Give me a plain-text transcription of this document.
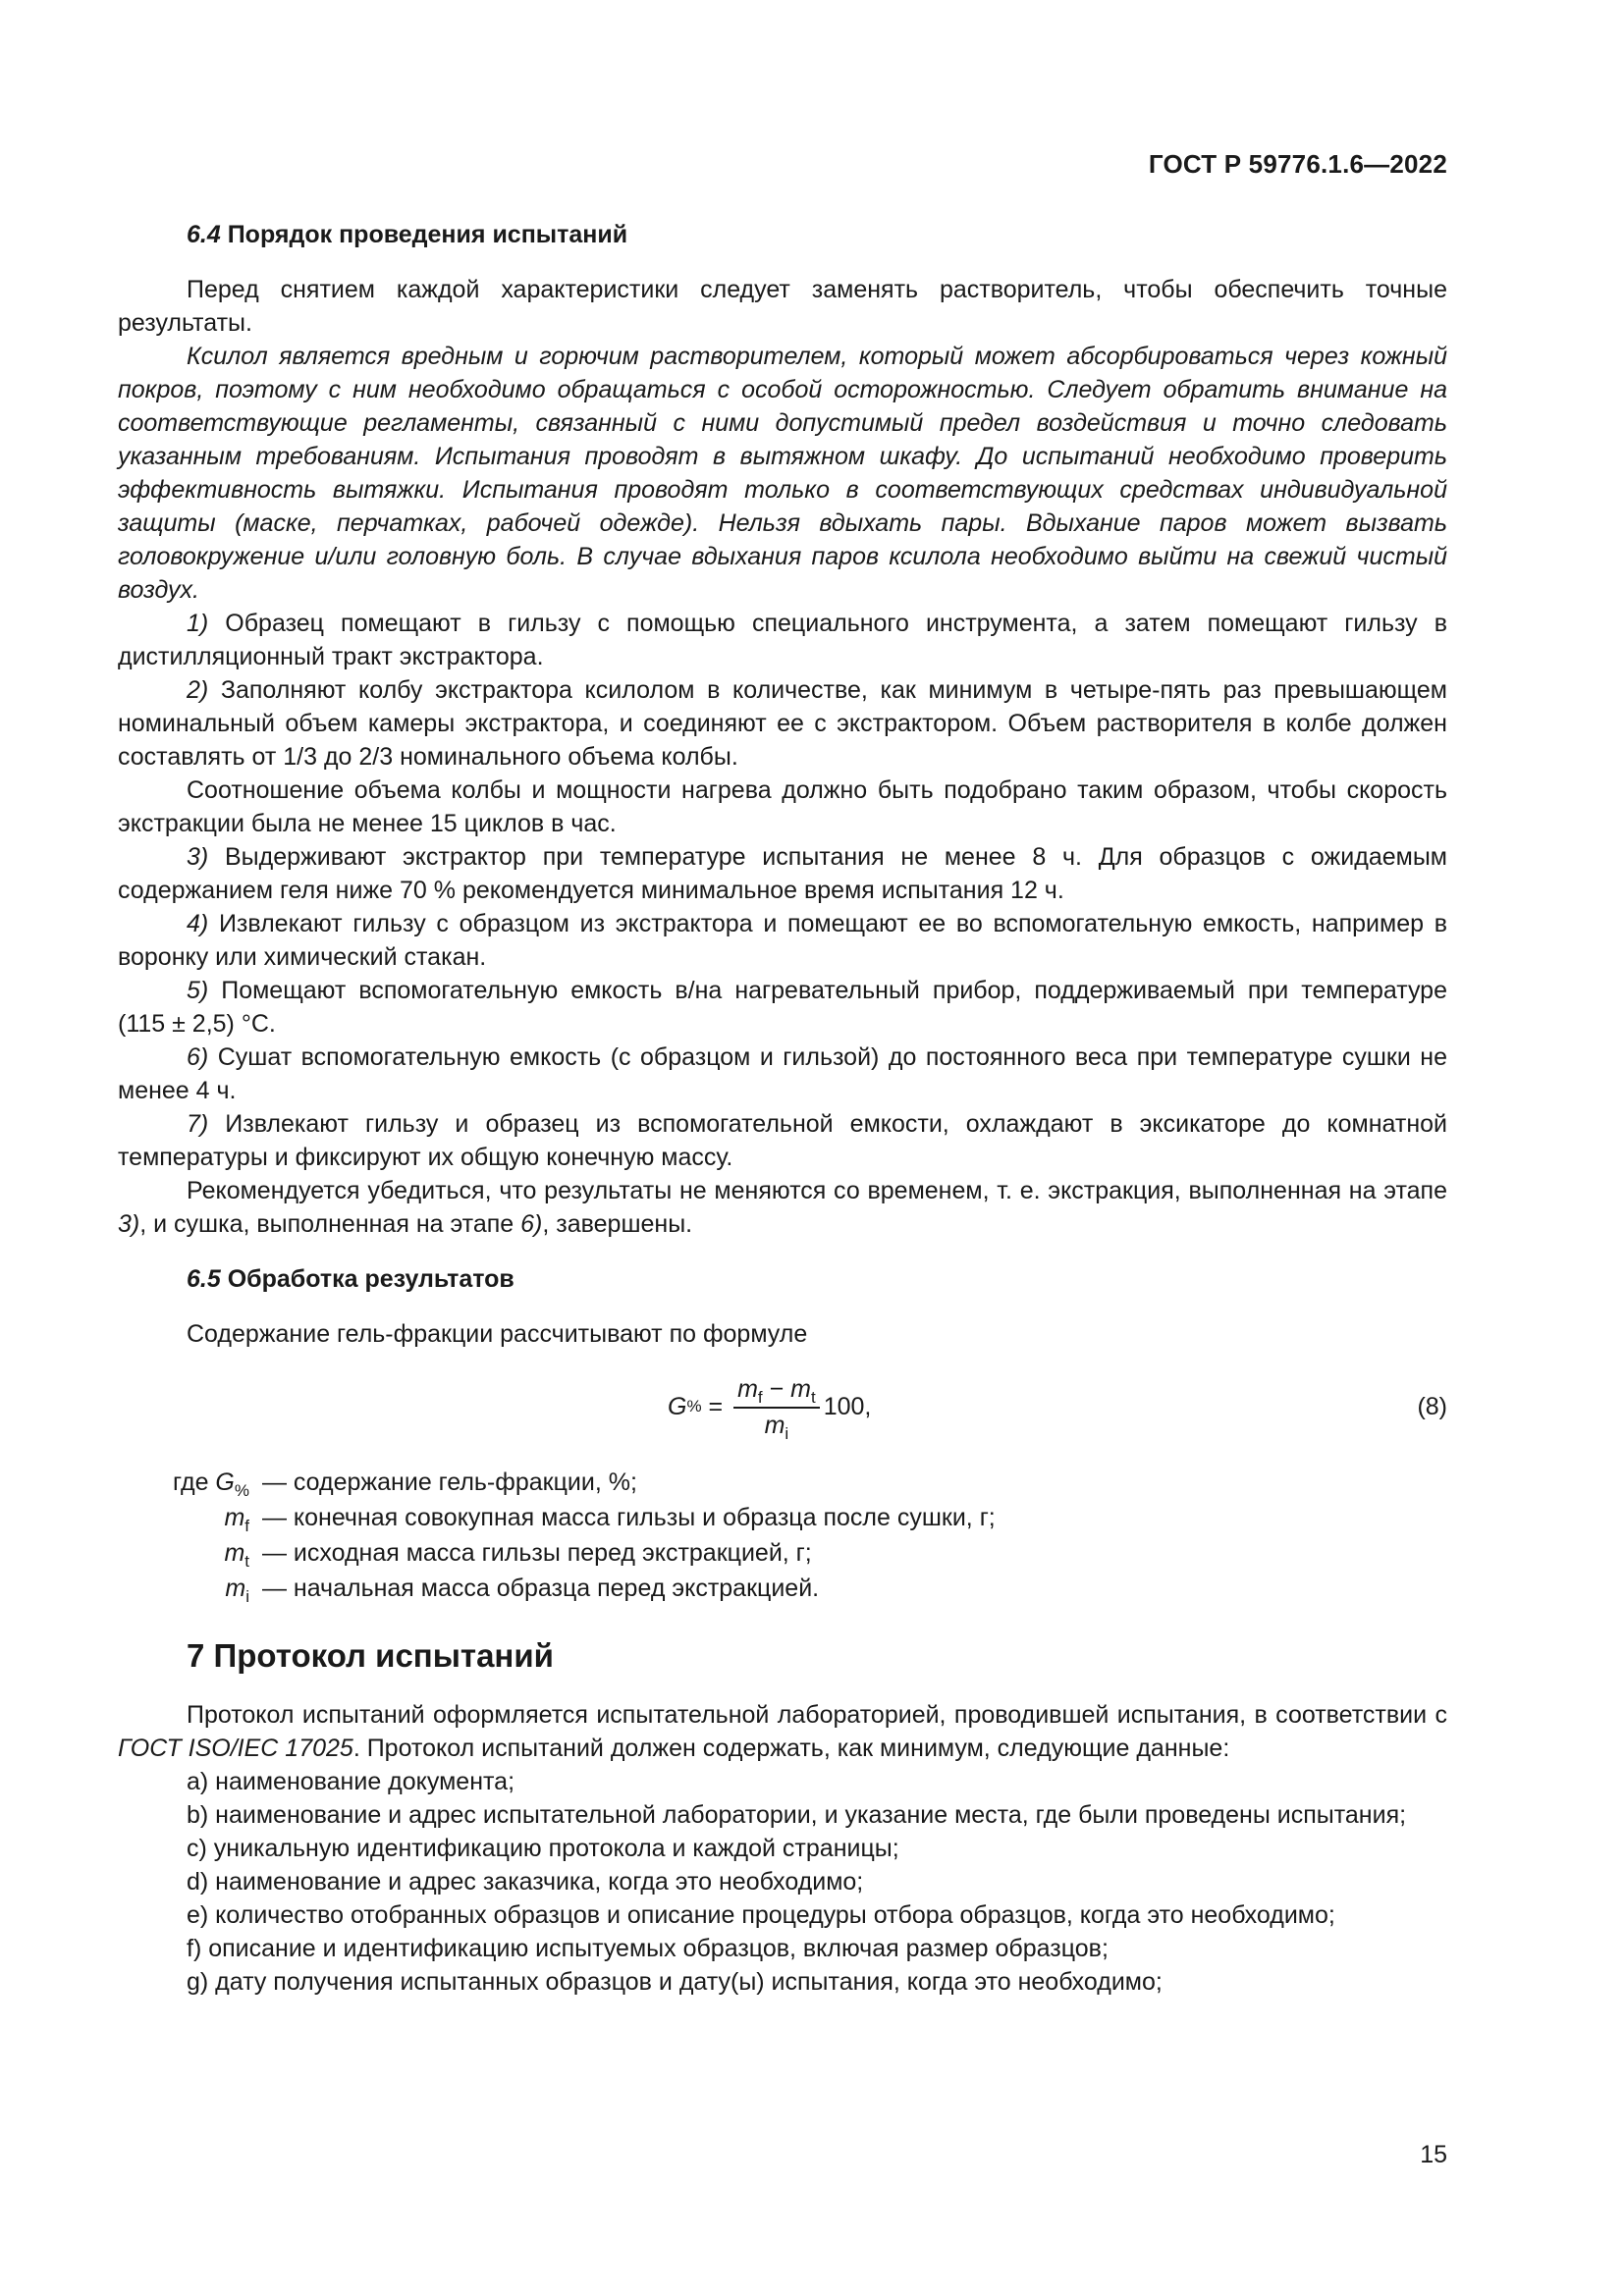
ГОСТ Р 59776.1.6—2022
6.4 Порядок проведения испытаний

Перед снятием каждой характеристики следует заменять растворитель, чтобы обеспечить точные результаты.

Ксилол является вредным и горючим растворителем, который может абсорбироваться через кожный покров, поэтому с ним необходимо обращаться с особой осторожностью. Следует обратить внимание на соответствующие регламенты, связанный с ними допустимый предел воздействия и точно следовать указанным требованиям. Испытания проводят в вытяжном шкафу. До испытаний необходимо проверить эффективность вытяжки. Испытания проводят только в соответствующих средствах индивидуальной защиты (маске, перчатках, рабочей одежде). Нельзя вдыхать пары. Вдыхание паров может вызвать головокружение и/или головную боль. В случае вдыхания паров ксилола необходимо выйти на свежий чистый воздух.

1) Образец помещают в гильзу с помощью специального инструмента, а затем помещают гильзу в дистилляционный тракт экстрактора.

2) Заполняют колбу экстрактора ксилолом в количестве, как минимум в четыре-пять раз превышающем номинальный объем камеры экстрактора, и соединяют ее с экстрактором. Объем растворителя в колбе должен составлять от 1/3 до 2/3 номинального объема колбы.

Соотношение объема колбы и мощности нагрева должно быть подобрано таким образом, чтобы скорость экстракции была не менее 15 циклов в час.

3) Выдерживают экстрактор при температуре испытания не менее 8 ч. Для образцов с ожидаемым содержанием геля ниже 70 % рекомендуется минимальное время испытания 12 ч.

4) Извлекают гильзу с образцом из экстрактора и помещают ее во вспомогательную емкость, например в воронку или химический стакан.

5) Помещают вспомогательную емкость в/на нагревательный прибор, поддерживаемый при температуре (115 ± 2,5) °С.

6) Сушат вспомогательную емкость (с образцом и гильзой) до постоянного веса при температуре сушки не менее 4 ч.

7) Извлекают гильзу и образец из вспомогательной емкости, охлаждают в эксикаторе до комнатной температуры и фиксируют их общую конечную массу.

Рекомендуется убедиться, что результаты не меняются со временем, т. е. экстракция, выполненная на этапе 3), и сушка, выполненная на этапе 6), завершены.

6.5 Обработка результатов

Содержание гель-фракции рассчитывают по формуле

G % = $\frac{m_f - m_t}{m_i} 100$,	(8)
где $G_{\%}$ — содержание гель-фракции, %;
$m_f$ — конечная совокупная масса гильзы и образца после сушки, г;
$m_t$ — исходная масса гильзы перед экстракцией, г;
$m_i$ — начальная масса образца перед экстракцией.
7 Протокол испытаний

Протокол испытаний оформляется испытательной лабораторией, проводившей испытания, в соответствии с ГОСТ ISO/IEC 17025. Протокол испытаний должен содержать, как минимум, следующие данные:

a) наименование документа;

b) наименование и адрес испытательной лаборатории, и указание места, где были проведены испытания;

c) уникальную идентификацию протокола и каждой страницы;

d) наименование и адрес заказчика, когда это необходимо;

e) количество отобранных образцов и описание процедуры отбора образцов, когда это необходимо;

f) описание и идентификацию испытуемых образцов, включая размер образцов;

g) дату получения испытанных образцов и дату(ы) испытания, когда это необходимо;

15
